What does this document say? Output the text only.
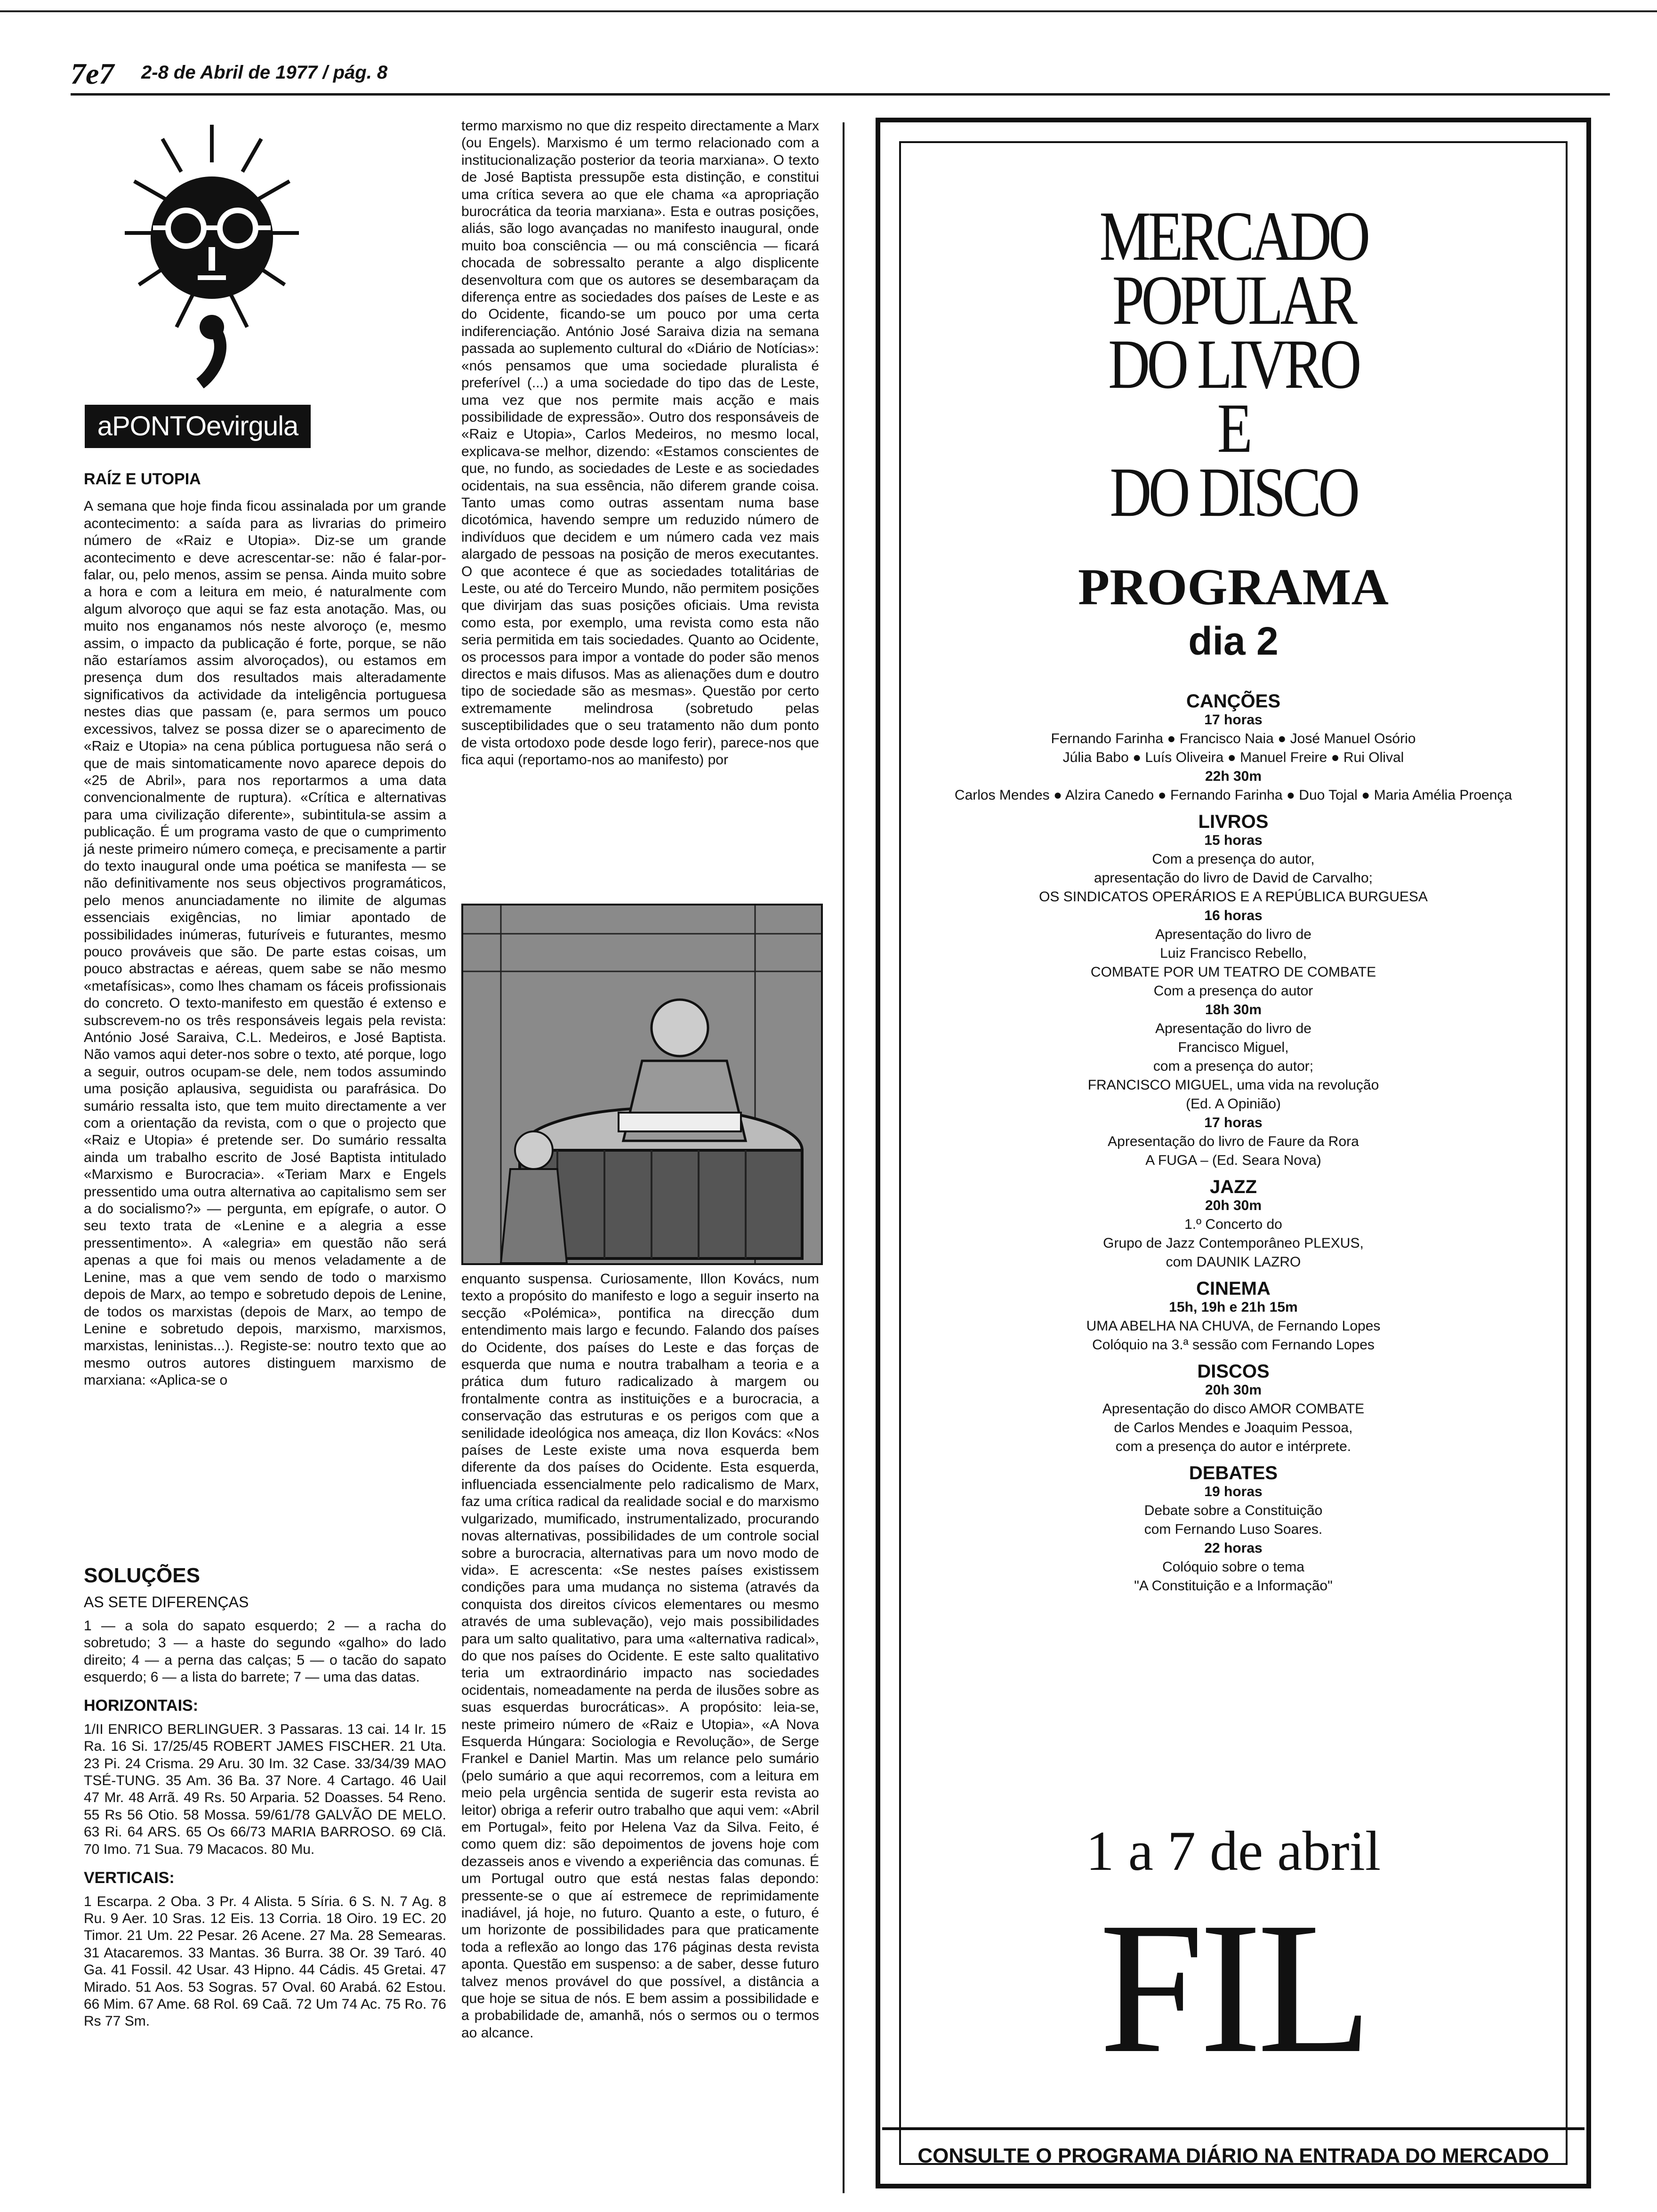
7e7 2-8 de Abril de 1977 / pág. 8
aPONTOevirgula

RAÍZ E UTOPIA

A semana que hoje finda ficou assinalada por um grande acontecimento: a saída para as livrarias do primeiro número de «Raiz e Utopia». Diz-se um grande acontecimento e deve acrescentar-se: não é falar-por-falar, ou, pelo menos, assim se pensa. Ainda muito sobre a hora e com a leitura em meio, é naturalmente com algum alvoroço que aqui se faz esta anotação. Mas, ou muito nos enganamos nós neste alvoroço (e, mesmo assim, o impacto da publicação é forte, porque, se não não estaríamos assim alvoroçados), ou estamos em presença dum dos resultados mais alteradamente significativos da actividade da inteligência portuguesa nestes dias que passam (e, para sermos um pouco excessivos, talvez se possa dizer se o aparecimento de «Raiz e Utopia» na cena pública portuguesa não será o que de mais sintomaticamente novo aparece depois do «25 de Abril», para nos reportarmos a uma data convencionalmente de ruptura). «Crítica e alternativas para uma civilização diferente», subintitula-se assim a publicação. É um programa vasto de que o cumprimento já neste primeiro número começa, e precisamente a partir do texto inaugural onde uma poética se manifesta — se não definitivamente nos seus objectivos programáticos, pelo menos anunciadamente no ilimite de algumas essenciais exigências, no limiar apontado de possibilidades inúmeras, futuríveis e futurantes, mesmo pouco prováveis que são. De parte estas coisas, um pouco abstractas e aéreas, quem sabe se não mesmo «metafísicas», como lhes chamam os fáceis profissionais do concreto. O texto-manifesto em questão é extenso e subscrevem-no os três responsáveis legais pela revista: António José Saraiva, C.L. Medeiros, e José Baptista. Não vamos aqui deter-nos sobre o texto, até porque, logo a seguir, outros ocupam-se dele, nem todos assumindo uma posição aplausiva, seguidista ou parafrásica. Do sumário ressalta isto, que tem muito directamente a ver com a orientação da revista, com o que o projecto que «Raiz e Utopia» é pretende ser. Do sumário ressalta ainda um trabalho escrito de José Baptista intitulado «Marxismo e Burocracia». «Teriam Marx e Engels pressentido uma outra alternativa ao capitalismo sem ser a do socialismo?» — pergunta, em epígrafe, o autor. O seu texto trata de «Lenine e a alegria a esse pressentimento». A «alegria» em questão não será apenas a que foi mais ou menos veladamente a de Lenine, mas a que vem sendo de todo o marxismo depois de Marx, ao tempo e sobretudo depois de Lenine, de todos os marxistas (depois de Marx, ao tempo de Lenine e sobretudo depois, marxismo, marxismos, marxistas, leninistas...). Registe-se: noutro texto que ao mesmo outros autores distinguem marxismo de marxiana: «Aplica-se o

SOLUÇÕES

AS SETE DIFERENÇAS

1 — a sola do sapato esquerdo; 2 — a racha do sobretudo; 3 — a haste do segundo «galho» do lado direito; 4 — a perna das calças; 5 — o tacão do sapato esquerdo; 6 — a lista do barrete; 7 — uma das datas.

HORIZONTAIS:

1/II ENRICO BERLINGUER. 3 Passaras. 13 cai. 14 Ir. 15 Ra. 16 Si. 17/25/45 ROBERT JAMES FISCHER. 21 Uta. 23 Pi. 24 Crisma. 29 Aru. 30 Im. 32 Case. 33/34/39 MAO TSÉ-TUNG. 35 Am. 36 Ba. 37 Nore. 4 Cartago. 46 Uail 47 Mr. 48 Arrã. 49 Rs. 50 Arparia. 52 Doasses. 54 Reno. 55 Rs 56 Otio. 58 Mossa. 59/61/78 GALVÃO DE MELO. 63 Ri. 64 ARS. 65 Os 66/73 MARIA BARROSO. 69 Clã. 70 Imo. 71 Sua. 79 Macacos. 80 Mu.

VERTICAIS:

1 Escarpa. 2 Oba. 3 Pr. 4 Alista. 5 Síria. 6 S. N. 7 Ag. 8 Ru. 9 Aer. 10 Sras. 12 Eis. 13 Corria. 18 Oiro. 19 EC. 20 Timor. 21 Um. 22 Pesar. 26 Acene. 27 Ma. 28 Semearas. 31 Atacaremos. 33 Mantas. 36 Burra. 38 Or. 39 Taró. 40 Ga. 41 Fossil. 42 Usar. 43 Hipno. 44 Cádis. 45 Gretai. 47 Mirado. 51 Aos. 53 Sogras. 57 Oval. 60 Arabá. 62 Estou. 66 Mim. 67 Ame. 68 Rol. 69 Caã. 72 Um 74 Ac. 75 Ro. 76 Rs 77 Sm.

termo marxismo no que diz respeito directamente a Marx (ou Engels). Marxismo é um termo relacionado com a institucionalização posterior da teoria marxiana». O texto de José Baptista pressupõe esta distinção, e constitui uma crítica severa ao que ele chama «a apropriação burocrática da teoria marxiana». Esta e outras posições, aliás, são logo avançadas no manifesto inaugural, onde muito boa consciência — ou má consciência — ficará chocada de sobressalto perante a algo displicente desenvoltura com que os autores se desembaraçam da diferença entre as sociedades dos países de Leste e as do Ocidente, ficando-se um pouco por uma certa indiferenciação. António José Saraiva dizia na semana passada ao suplemento cultural do «Diário de Notícias»: «nós pensamos que uma sociedade pluralista é preferível (...) a uma sociedade do tipo das de Leste, uma vez que nos permite mais acção e mais possibilidade de expressão». Outro dos responsáveis de «Raiz e Utopia», Carlos Medeiros, no mesmo local, explicava-se melhor, dizendo: «Estamos conscientes de que, no fundo, as sociedades de Leste e as sociedades ocidentais, na sua essência, não diferem grande coisa. Tanto umas como outras assentam numa base dicotómica, havendo sempre um reduzido número de indivíduos que decidem e um número cada vez mais alargado de pessoas na posição de meros executantes. O que acontece é que as sociedades totalitárias de Leste, ou até do Terceiro Mundo, não permitem posições que divirjam das suas posições oficiais. Uma revista como esta, por exemplo, uma revista como esta não seria permitida em tais sociedades. Quanto ao Ocidente, os processos para impor a vontade do poder são menos directos e mais difusos. Mas as alienações dum e doutro tipo de sociedade são as mesmas». Questão por certo extremamente melindrosa (sobretudo pelas susceptibilidades que o seu tratamento não dum ponto de vista ortodoxo pode desde logo ferir), parece-nos que fica aqui (reportamo-nos ao manifesto) por

enquanto suspensa. Curiosamente, Illon Kovács, num texto a propósito do manifesto e logo a seguir inserto na secção «Polémica», pontifica na direcção dum entendimento mais largo e fecundo. Falando dos países do Ocidente, dos países do Leste e das forças de esquerda que numa e noutra trabalham a teoria e a prática dum futuro radicalizado à margem ou frontalmente contra as instituições e a burocracia, a conservação das estruturas e os perigos com que a senilidade ideológica nos ameaça, diz Ilon Kovács: «Nos países de Leste existe uma nova esquerda bem diferente da dos países do Ocidente. Esta esquerda, influenciada essencialmente pelo radicalismo de Marx, faz uma crítica radical da realidade social e do marxismo vulgarizado, mumificado, instrumentalizado, procurando novas alternativas, possibilidades de um controle social sobre a burocracia, alternativas para um novo modo de vida». E acrescenta: «Se nestes países existissem condições para uma mudança no sistema (através da conquista dos direitos cívicos elementares ou mesmo através de uma sublevação), vejo mais possibilidades para um salto qualitativo, para uma «alternativa radical», do que nos países do Ocidente. E este salto qualitativo teria um extraordinário impacto nas sociedades ocidentais, nomeadamente na perda de ilusões sobre as suas esquerdas burocráticas». A propósito: leia-se, neste primeiro número de «Raiz e Utopia», «A Nova Esquerda Húngara: Sociologia e Revolução», de Serge Frankel e Daniel Martin. Mas um relance pelo sumário (pelo sumário a que aqui recorremos, com a leitura em meio pela urgência sentida de sugerir esta revista ao leitor) obriga a referir outro trabalho que aqui vem: «Abril em Portugal», feito por Helena Vaz da Silva. Feito, é como quem diz: são depoimentos de jovens hoje com dezasseis anos e vivendo a experiência das comunas. É um Portugal outro que está nestas falas depondo: pressente-se o que aí estremece de reprimidamente inadiável, já hoje, no futuro. Quanto a este, o futuro, é um horizonte de possibilidades para que praticamente toda a reflexão ao longo das 176 páginas desta revista aponta. Questão em suspenso: a de saber, desse futuro talvez menos provável do que possível, a distância a que hoje se situa de nós. E bem assim a possibilidade e a probabilidade de, amanhã, nós o sermos ou o termos ao alcance.

MERCADO
POPULAR
DO LIVRO
E
DO DISCO
PROGRAMA
dia 2
CANÇÕES
17 horas
Fernando Farinha ● Francisco Naia ● José Manuel Osório
Júlia Babo ● Luís Oliveira ● Manuel Freire ● Rui Olival
22h 30m
Carlos Mendes ● Alzira Canedo ● Fernando Farinha ● Duo Tojal ● Maria Amélia Proença
LIVROS
15 horas
Com a presença do autor,
apresentação do livro de David de Carvalho;
OS SINDICATOS OPERÁRIOS E A REPÚBLICA BURGUESA
16 horas
Apresentação do livro de
Luiz Francisco Rebello,
COMBATE POR UM TEATRO DE COMBATE
Com a presença do autor
18h 30m
Apresentação do livro de
Francisco Miguel,
com a presença do autor;
FRANCISCO MIGUEL, uma vida na revolução
(Ed. A Opinião)
17 horas
Apresentação do livro de Faure da Rora
A FUGA – (Ed. Seara Nova)
JAZZ
20h 30m
1.º Concerto do
Grupo de Jazz Contemporâneo PLEXUS,
com DAUNIK LAZRO
CINEMA
15h, 19h e 21h 15m
UMA ABELHA NA CHUVA, de Fernando Lopes
Colóquio na 3.ª sessão com Fernando Lopes
DISCOS
20h 30m
Apresentação do disco AMOR COMBATE
de Carlos Mendes e Joaquim Pessoa,
com a presença do autor e intérprete.
DEBATES
19 horas
Debate sobre a Constituição
com Fernando Luso Soares.
22 horas
Colóquio sobre o tema
"A Constituição e a Informação"
1 a 7 de abril
FIL
CONSULTE O PROGRAMA DIÁRIO NA ENTRADA DO MERCADO
